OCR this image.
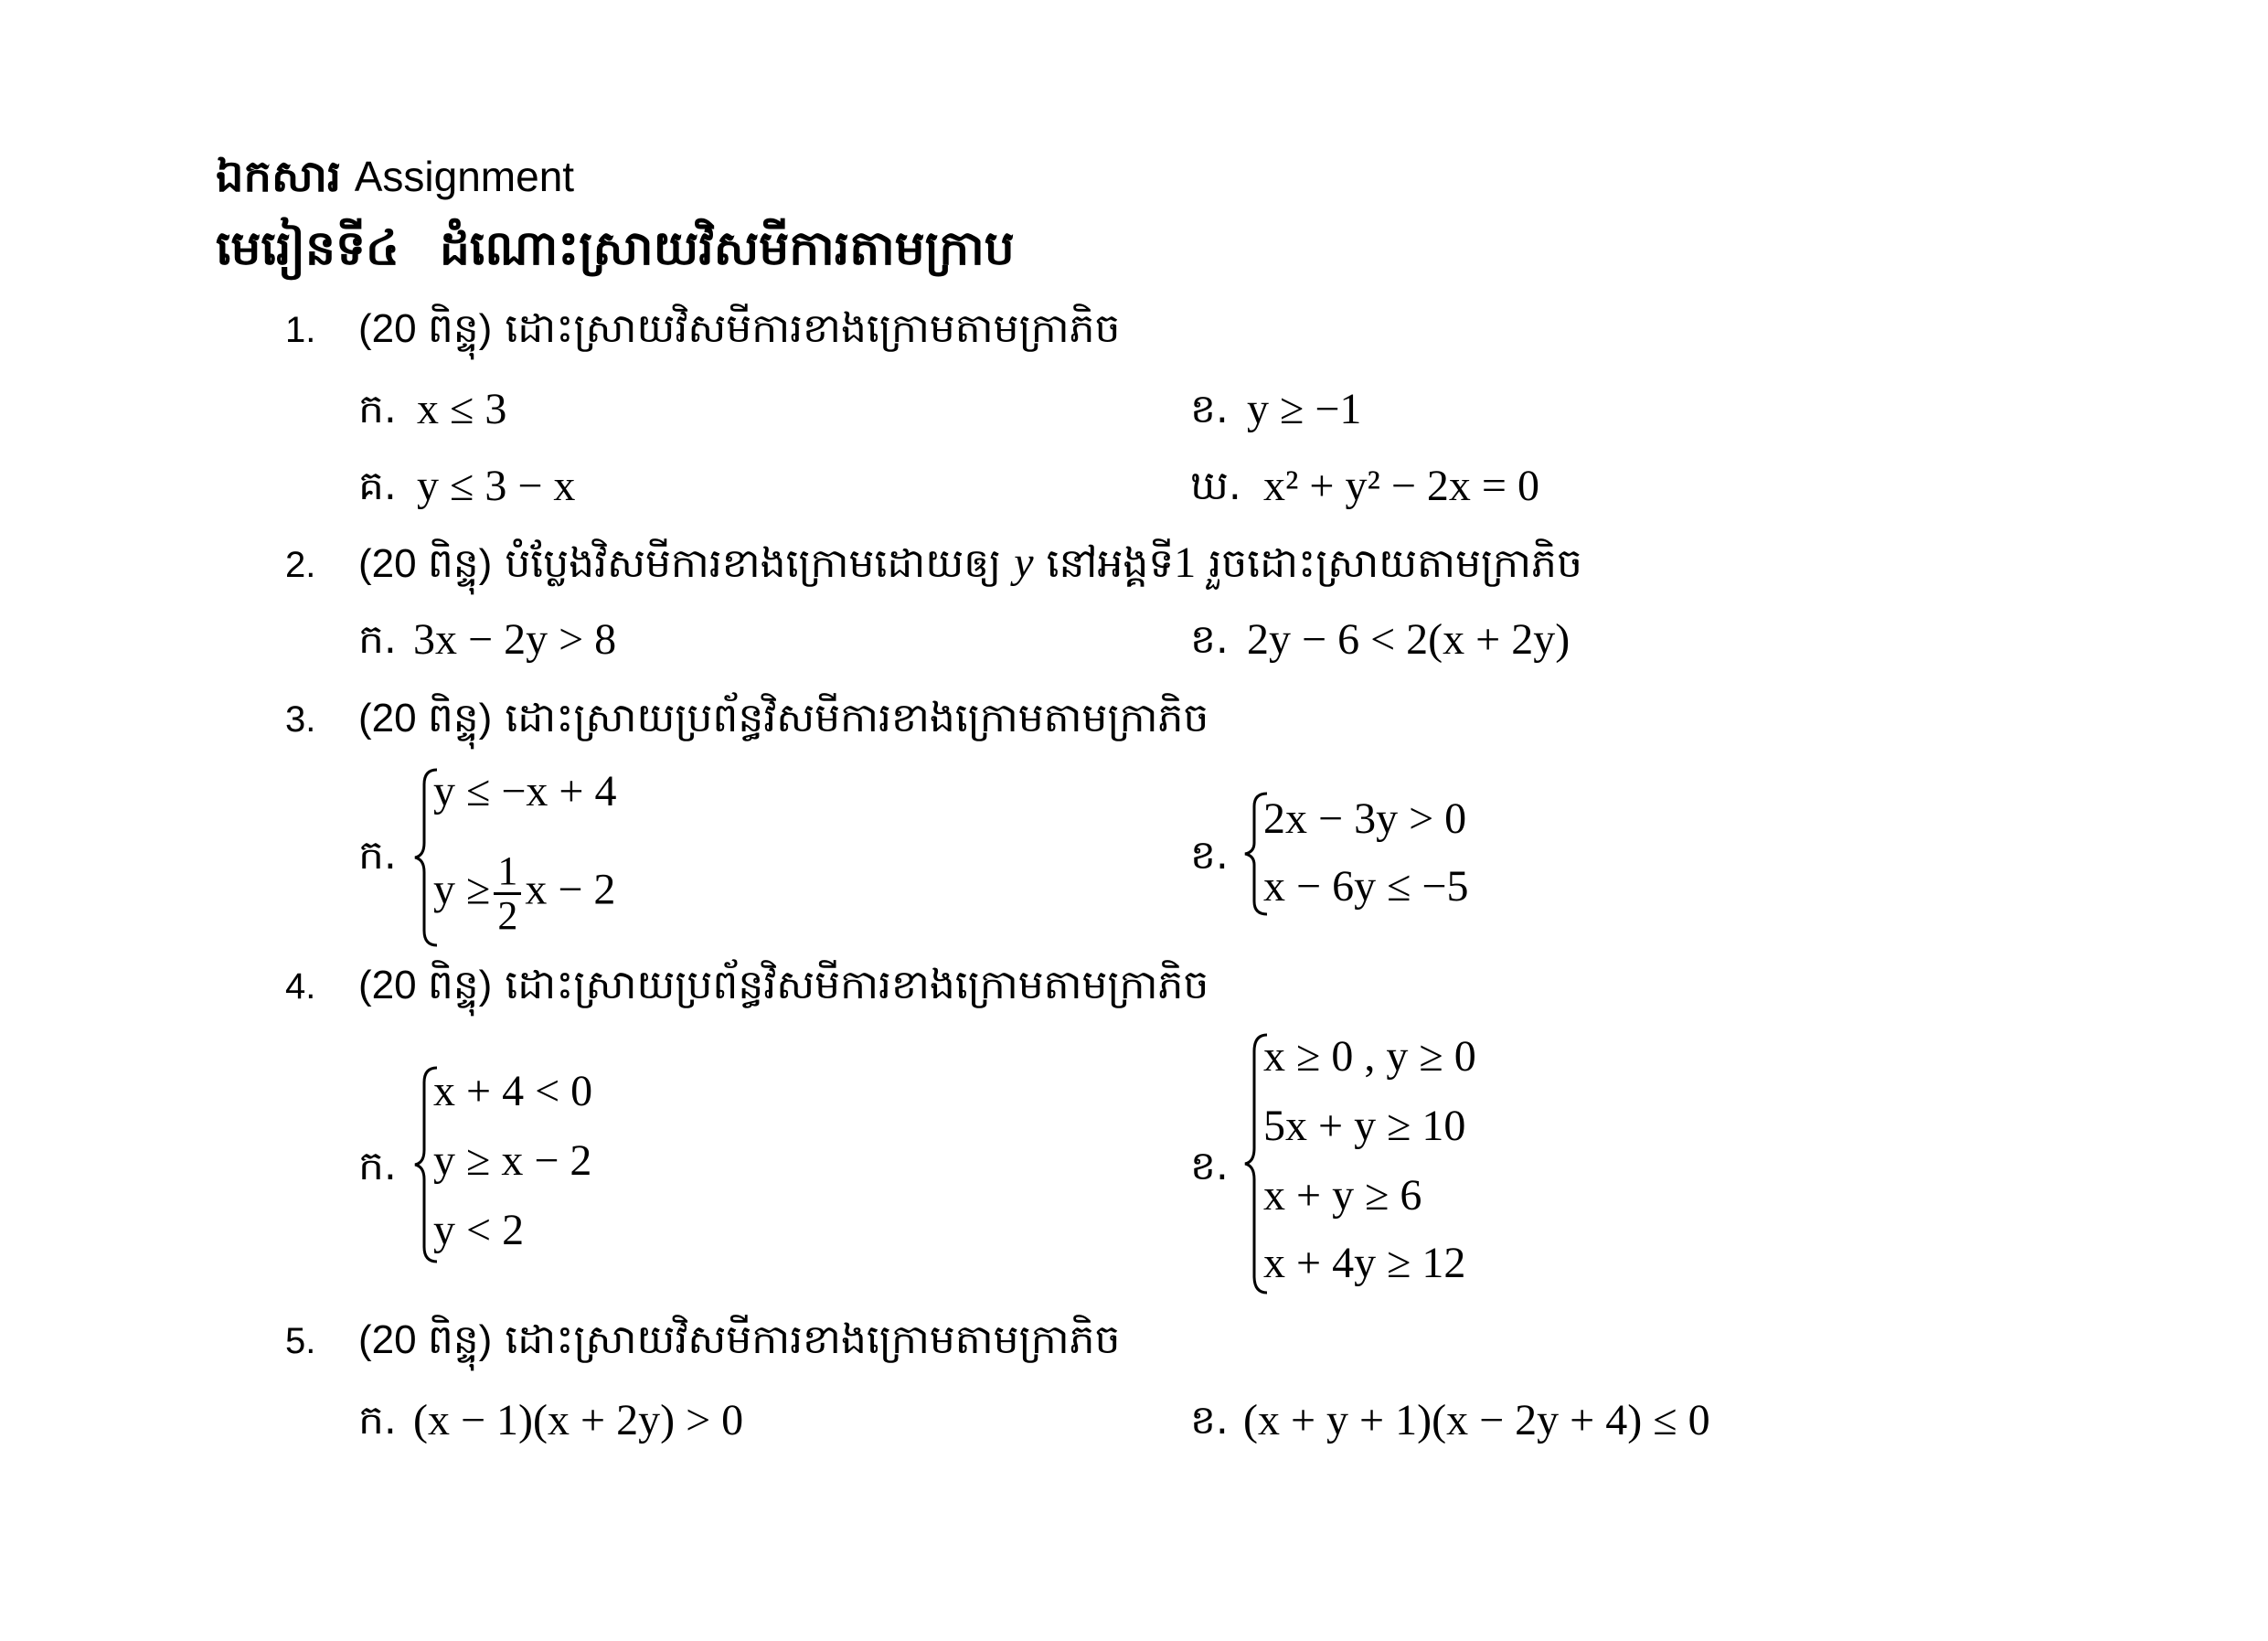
ឯកសារ Assignment
មេរៀនទី៤ ដំណោះស្រាយវិសមីការតាមក្រាប
1. (20 ពិន្ទុ) ដោះស្រាយវិសមីការខាងក្រោមតាមក្រាភិច
ក. x ≤ 3	ខ. y ≥ −1
គ. y ≤ 3 − x	ឃ. x² + y² − 2x = 0
2. (20 ពិន្ទុ) បំប្លែងវិសមីការខាងក្រោមដោយឲ្យ y នៅអង្គទី1 រួចដោះស្រាយតាមក្រាភិច
ក. 3x − 2y > 8	ខ. 2y − 6 < 2(x + 2y)
3. (20 ពិន្ទុ) ដោះស្រាយប្រព័ន្ធវិសមីការខាងក្រោមតាមក្រាភិច
ក.
y ≤ −x + 4
$y \ge \frac{1}{2}$ x − 2
ខ.
2x − 3y > 0
x − 6y ≤ −5
4. (20 ពិន្ទុ) ដោះស្រាយប្រព័ន្ធវិសមីការខាងក្រោមតាមក្រាភិច
ក.
x + 4 < 0
y ≥ x − 2
y < 2
ខ.
x ≥ 0 , y ≥ 0
5x + y ≥ 10
x + y ≥ 6
x + 4y ≥ 12
5. (20 ពិន្ទុ) ដោះស្រាយវិសមីការខាងក្រោមតាមក្រាភិច
ក. (x − 1)(x + 2y) > 0	ខ. (x + y + 1)(x − 2y + 4) ≤ 0
